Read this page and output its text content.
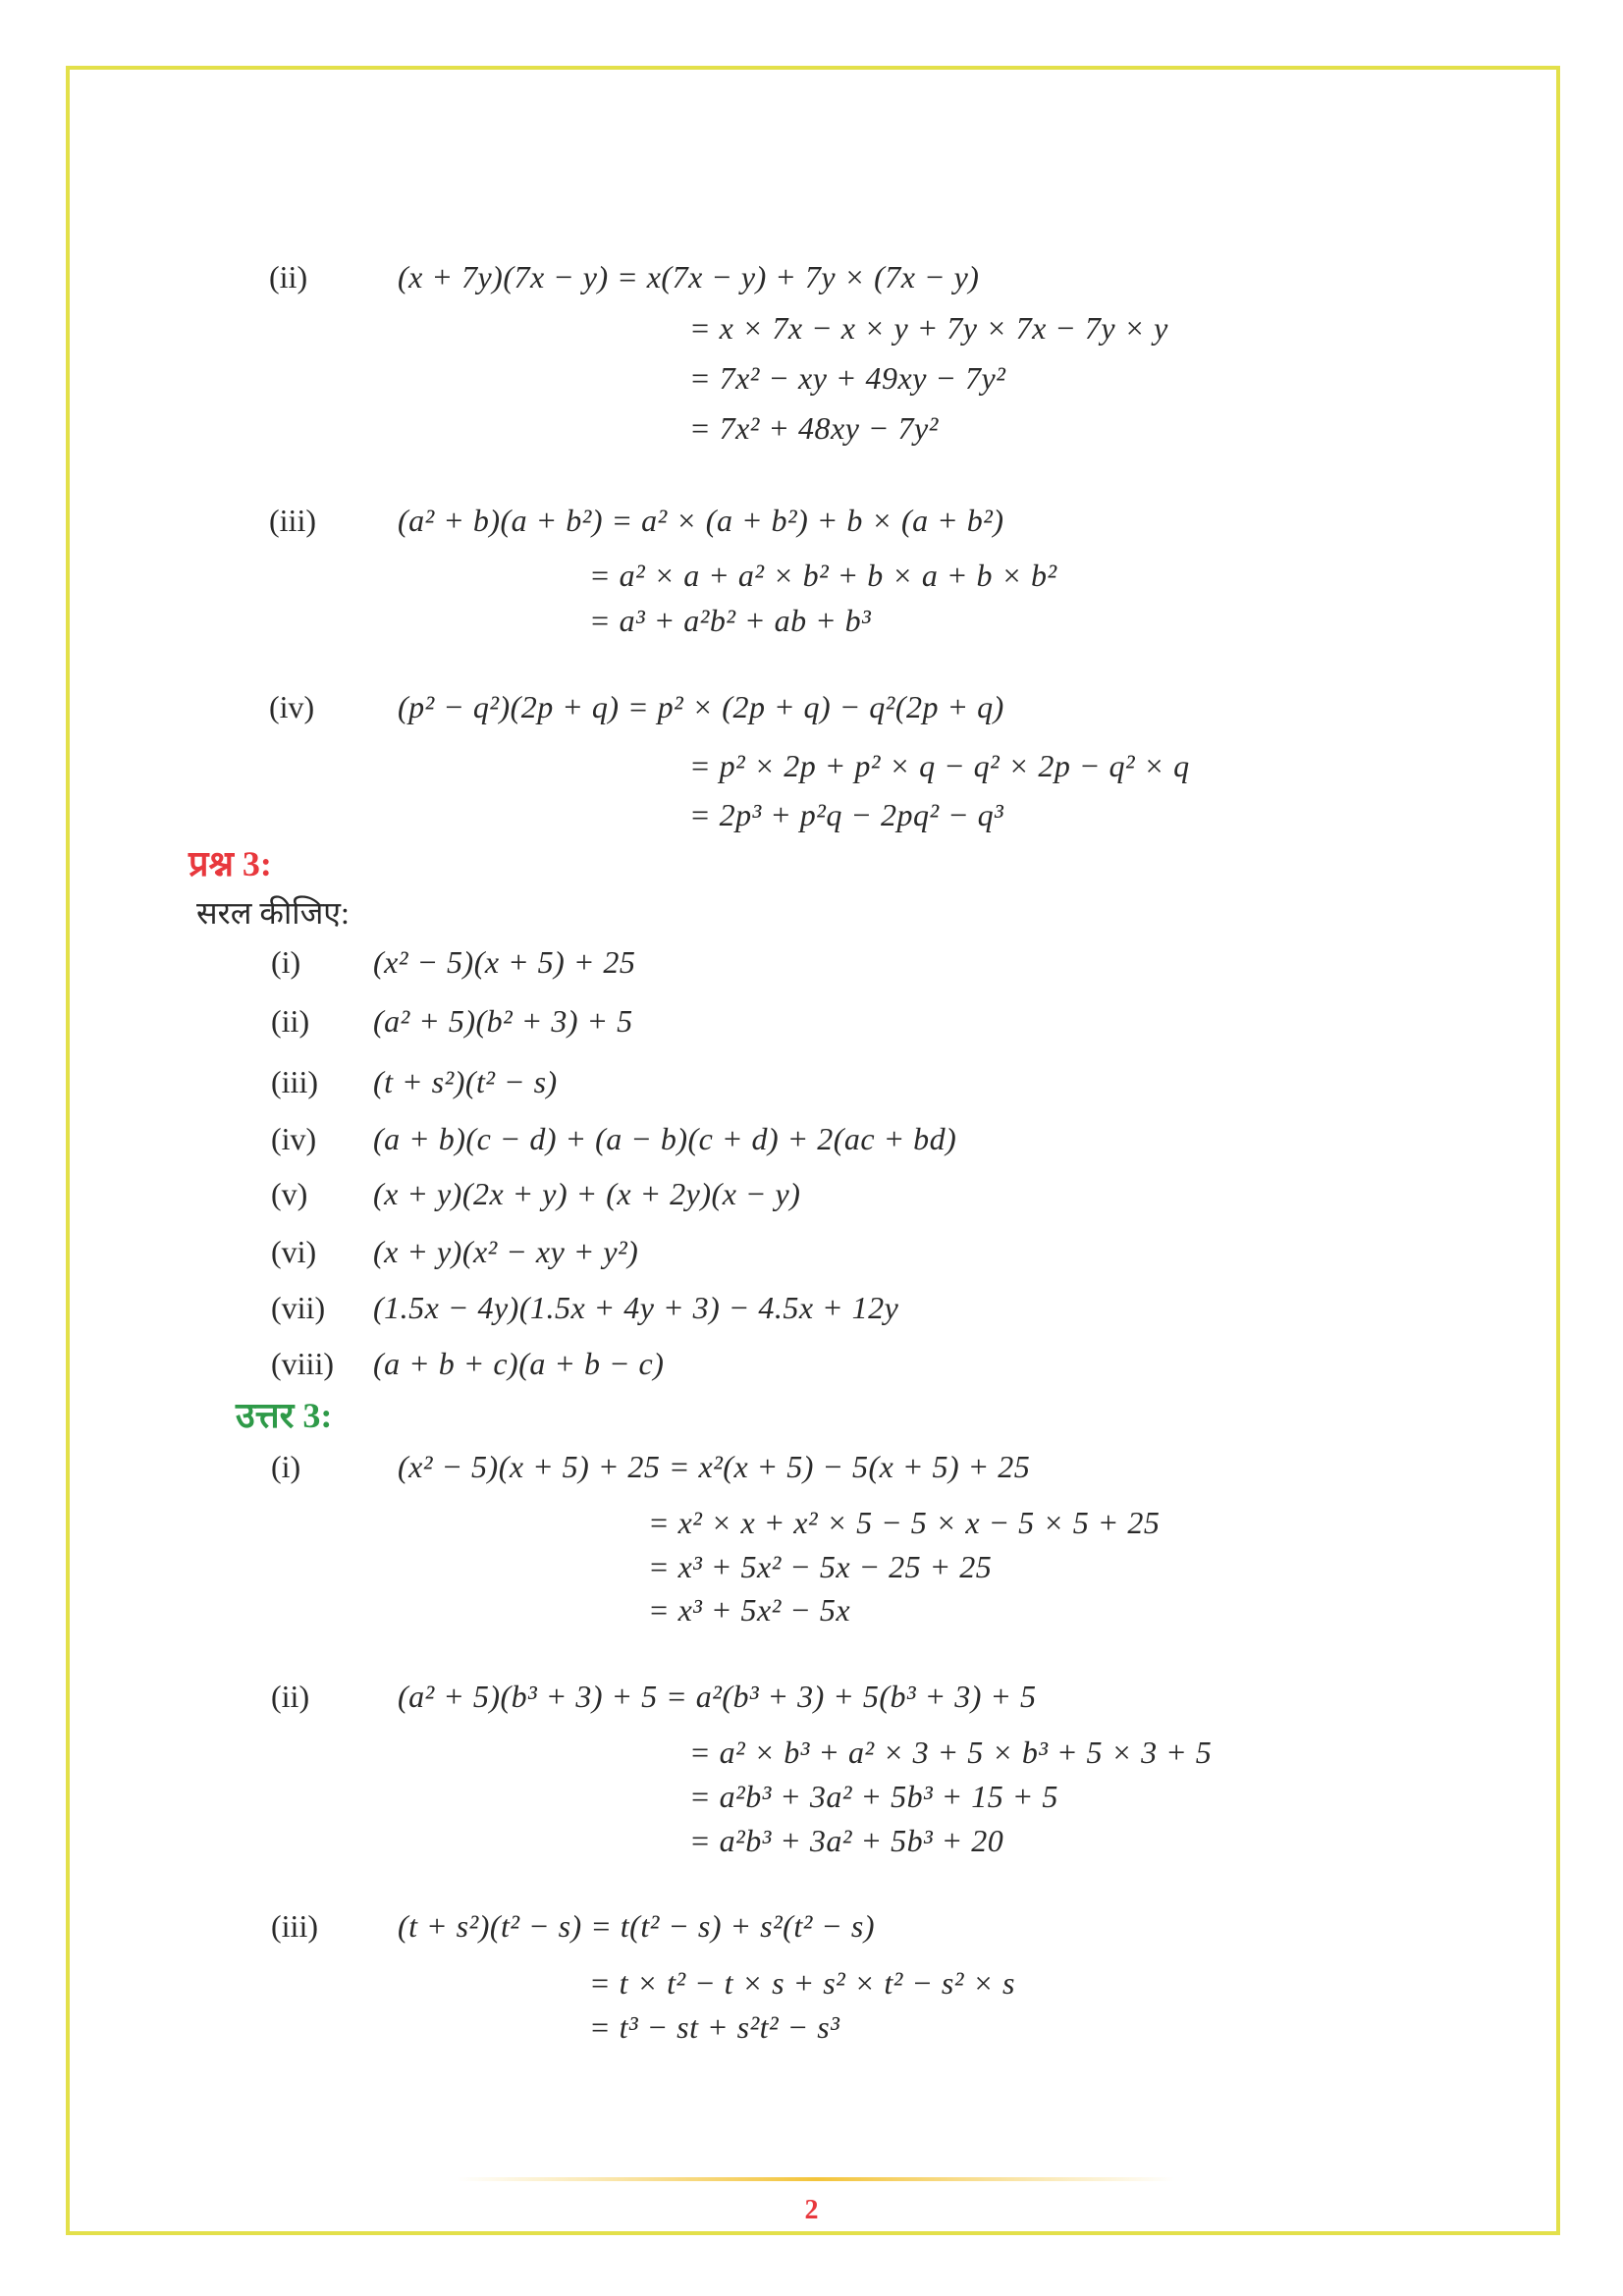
(ii)	(x + 7y)(7x − y) = x(7x − y) + 7y × (7x − y)
= x × 7x − x × y + 7y × 7x − 7y × y
= 7x² − xy + 49xy − 7y²
= 7x² + 48xy − 7y²
(iii)	(a² + b)(a + b²) = a² × (a + b²) + b × (a + b²)
= a² × a + a² × b² + b × a + b × b²
= a³ + a²b² + ab + b³
(iv)	(p² − q²)(2p + q) = p² × (2p + q) − q²(2p + q)
= p² × 2p + p² × q − q² × 2p − q² × q
= 2p³ + p²q − 2pq² − q³
प्रश्न 3:
सरल कीजिए:
(i) (x² − 5)(x + 5) + 25
(ii) (a² + 5)(b² + 3) + 5
(iii) (t + s²)(t² − s)
(iv) (a + b)(c − d) + (a − b)(c + d) + 2(ac + bd)
(v) (x + y)(2x + y) + (x + 2y)(x − y)
(vi) (x + y)(x² − xy + y²)
(vii) (1.5x − 4y)(1.5x + 4y + 3) − 4.5x + 12y
(viii) (a + b + c)(a + b − c)
उत्तर 3:
(i)	(x² − 5)(x + 5) + 25 = x²(x + 5) − 5(x + 5) + 25
= x² × x + x² × 5 − 5 × x − 5 × 5 + 25
= x³ + 5x² − 5x − 25 + 25
= x³ + 5x² − 5x
(ii)	(a² + 5)(b³ + 3) + 5 = a²(b³ + 3) + 5(b³ + 3) + 5
= a² × b³ + a² × 3 + 5 × b³ + 5 × 3 + 5
= a²b³ + 3a² + 5b³ + 15 + 5
= a²b³ + 3a² + 5b³ + 20
(iii)	(t + s²)(t² − s) = t(t² − s) + s²(t² − s)
= t × t² − t × s + s² × t² − s² × s
= t³ − st + s²t² − s³
2
